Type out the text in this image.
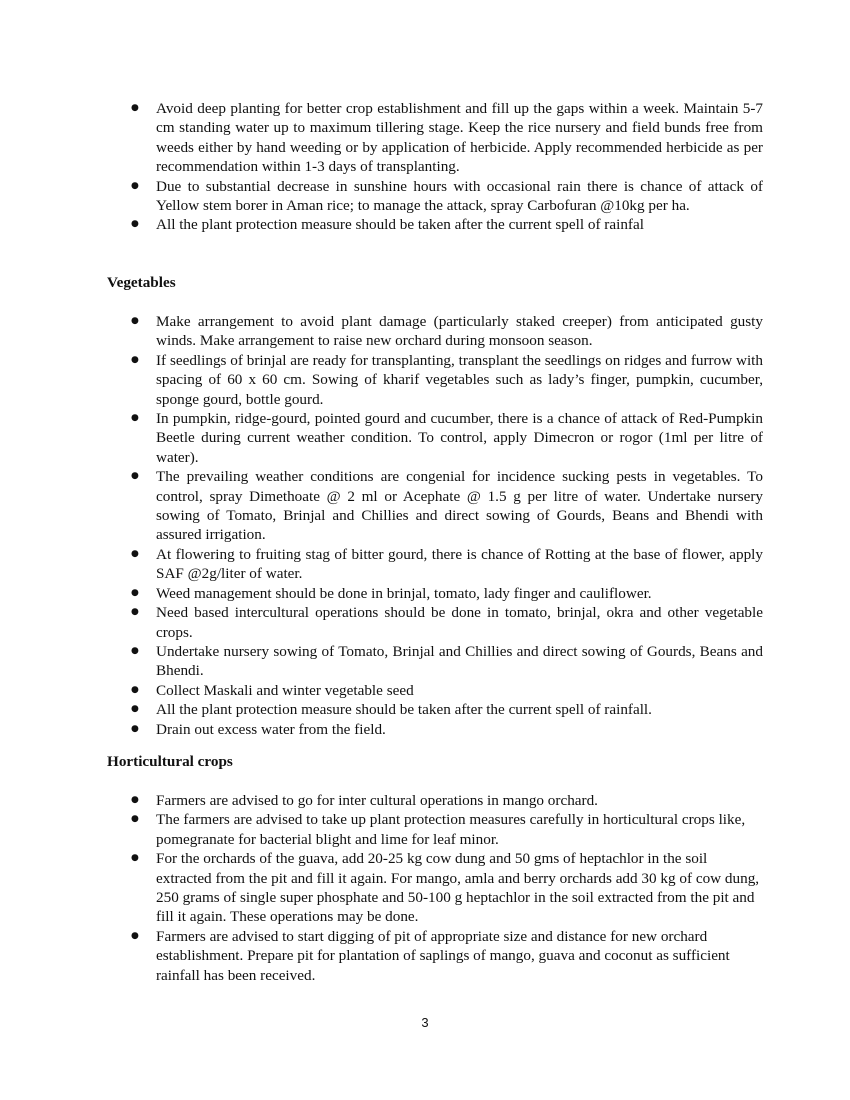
● Avoid deep planting for better crop establishment and fill up the gaps within a week. Maintain 5-7 cm standing water up to maximum tillering stage. Keep the rice nursery and field bunds free from weeds either by hand weeding or by application of herbicide. Apply recommended herbicide as per recommendation within 1-3 days of transplanting.
● Due to substantial decrease in sunshine hours with occasional rain there is chance of attack of Yellow stem borer in Aman rice; to manage the attack, spray Carbofuran @10kg per ha.
● All the plant protection measure should be taken after the current spell of rainfal
Vegetables
● Make arrangement to avoid plant damage (particularly staked creeper) from anticipated gusty winds. Make arrangement to raise new orchard during monsoon season.
● If seedlings of brinjal are ready for transplanting, transplant the seedlings on ridges and furrow with spacing of 60 x 60 cm. Sowing of kharif vegetables such as lady’s finger, pumpkin, cucumber, sponge gourd, bottle gourd.
● In pumpkin, ridge-gourd, pointed gourd and cucumber, there is a chance of attack of Red-Pumpkin Beetle during current weather condition. To control, apply Dimecron or rogor (1ml per litre of water).
● The prevailing weather conditions are congenial for incidence sucking pests in vegetables. To control, spray Dimethoate @ 2 ml or Acephate @ 1.5 g per litre of water. Undertake nursery sowing of Tomato, Brinjal and Chillies and direct sowing of Gourds, Beans and Bhendi with assured irrigation.
● At flowering to fruiting stag of bitter gourd, there is chance of Rotting at the base of flower, apply SAF @2g/liter of water.
● Weed management should be done in brinjal, tomato, lady finger and cauliflower.
● Need based intercultural operations should be done in tomato, brinjal, okra and other vegetable crops.
● Undertake nursery sowing of Tomato, Brinjal and Chillies and direct sowing of Gourds, Beans and Bhendi.
● Collect Maskali and winter vegetable seed
● All the plant protection measure should be taken after the current spell of rainfall.
● Drain out excess water from the field.
Horticultural crops
● Farmers are advised to go for inter cultural operations in mango orchard.
● The farmers are advised to take up plant protection measures carefully in horticultural crops like, pomegranate for bacterial blight and lime for leaf minor.
● For the orchards of the guava, add 20-25 kg cow dung and 50 gms of heptachlor in the soil extracted from the pit and fill it again. For mango, amla and berry orchards add 30 kg of cow dung, 250 grams of single super phosphate and 50-100 g heptachlor in the soil extracted from the pit and fill it again. These operations may be done.
● Farmers are advised to start digging of pit of appropriate size and distance for new orchard establishment. Prepare pit for plantation of saplings of mango, guava and coconut as sufficient rainfall has been received.
3
